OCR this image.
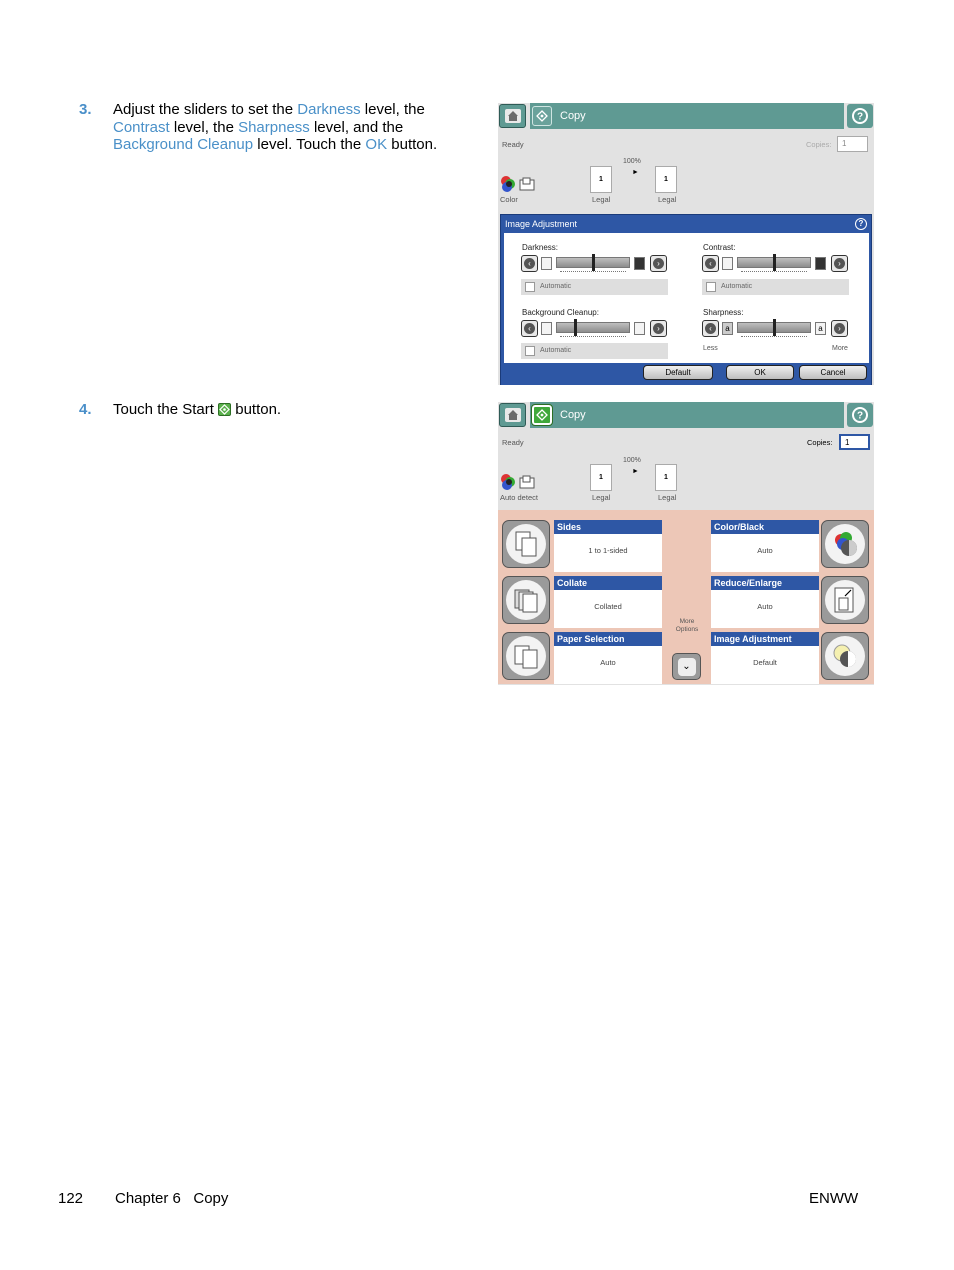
3. Adjust the sliders to set the Darkness level, the Contrast level, the Sharpness level, and the Background Cleanup level. Touch the OK button.
4. Touch the Start
button.
Copy	?
Ready	Copies:	1
100%
►
1	1
Legal	Legal
Color
Image Adjustment	?
Darkness:
‹	›
Automatic
Contrast:
‹	›
Automatic
Background Cleanup:
‹	›
Automatic
Sharpness:
‹	a	a	›
Less	More
Default	OK	Cancel
Copy	?
Ready	Copies:	1
100%
►
1	1
Legal	Legal
Auto detect
Sides
1 to 1-sided
Collate
Collated
Paper Selection
Auto
More
Options
⌄
Color/Black
Auto
Reduce/Enlarge
Auto
Image Adjustment
Default
122 Chapter 6   Copy	ENWW
